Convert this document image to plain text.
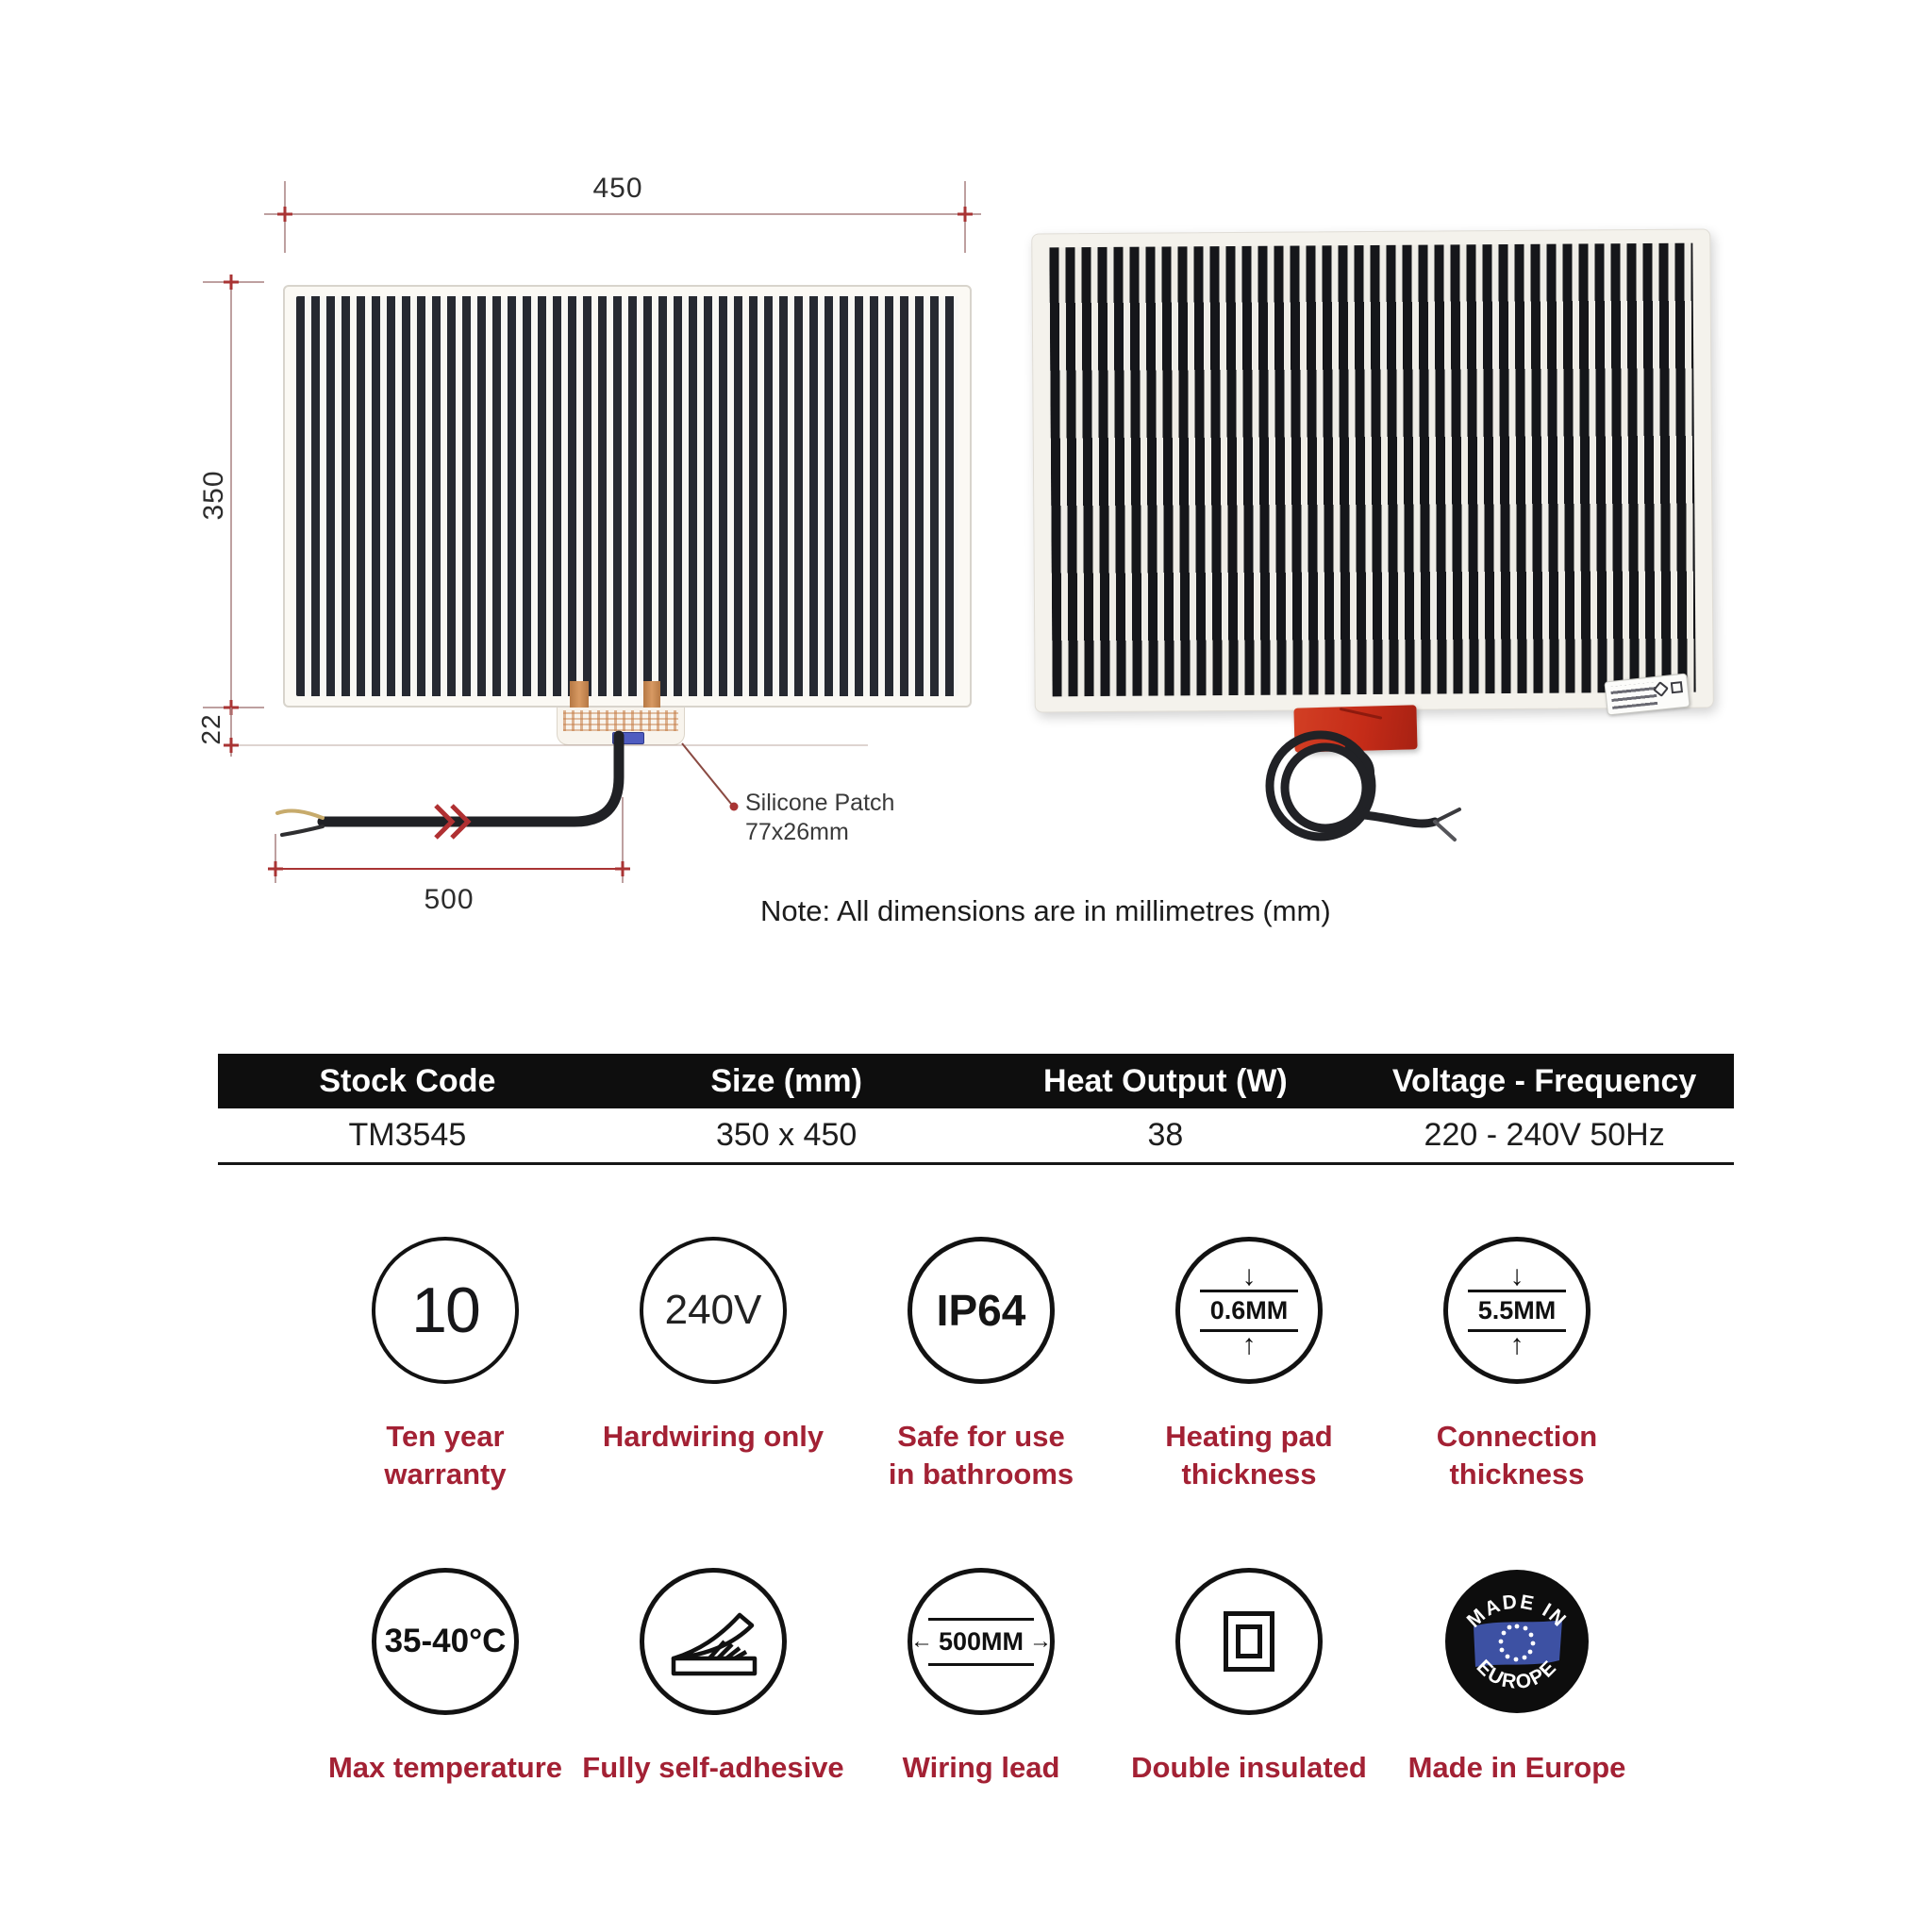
450
350
22
500
Silicone Patch
77x26mm
Note: All dimensions are in millimetres (mm)
Stock Code	Size (mm)	Heat Output (W)	Voltage - Frequency
TM3545	350 x 450	38	220 - 240V 50Hz
10
Ten year
warranty
240V
Hardwiring only
IP64
Safe for use
in bathrooms
↓
0.6MM
↑
Heating pad
thickness
↓
5.5MM
↑
Connection
thickness
35-40°C
Max temperature Fully self-adhesive
← 500MM →
Wiring lead Double insulated
MADE IN
EUROPE
Made in Europe
